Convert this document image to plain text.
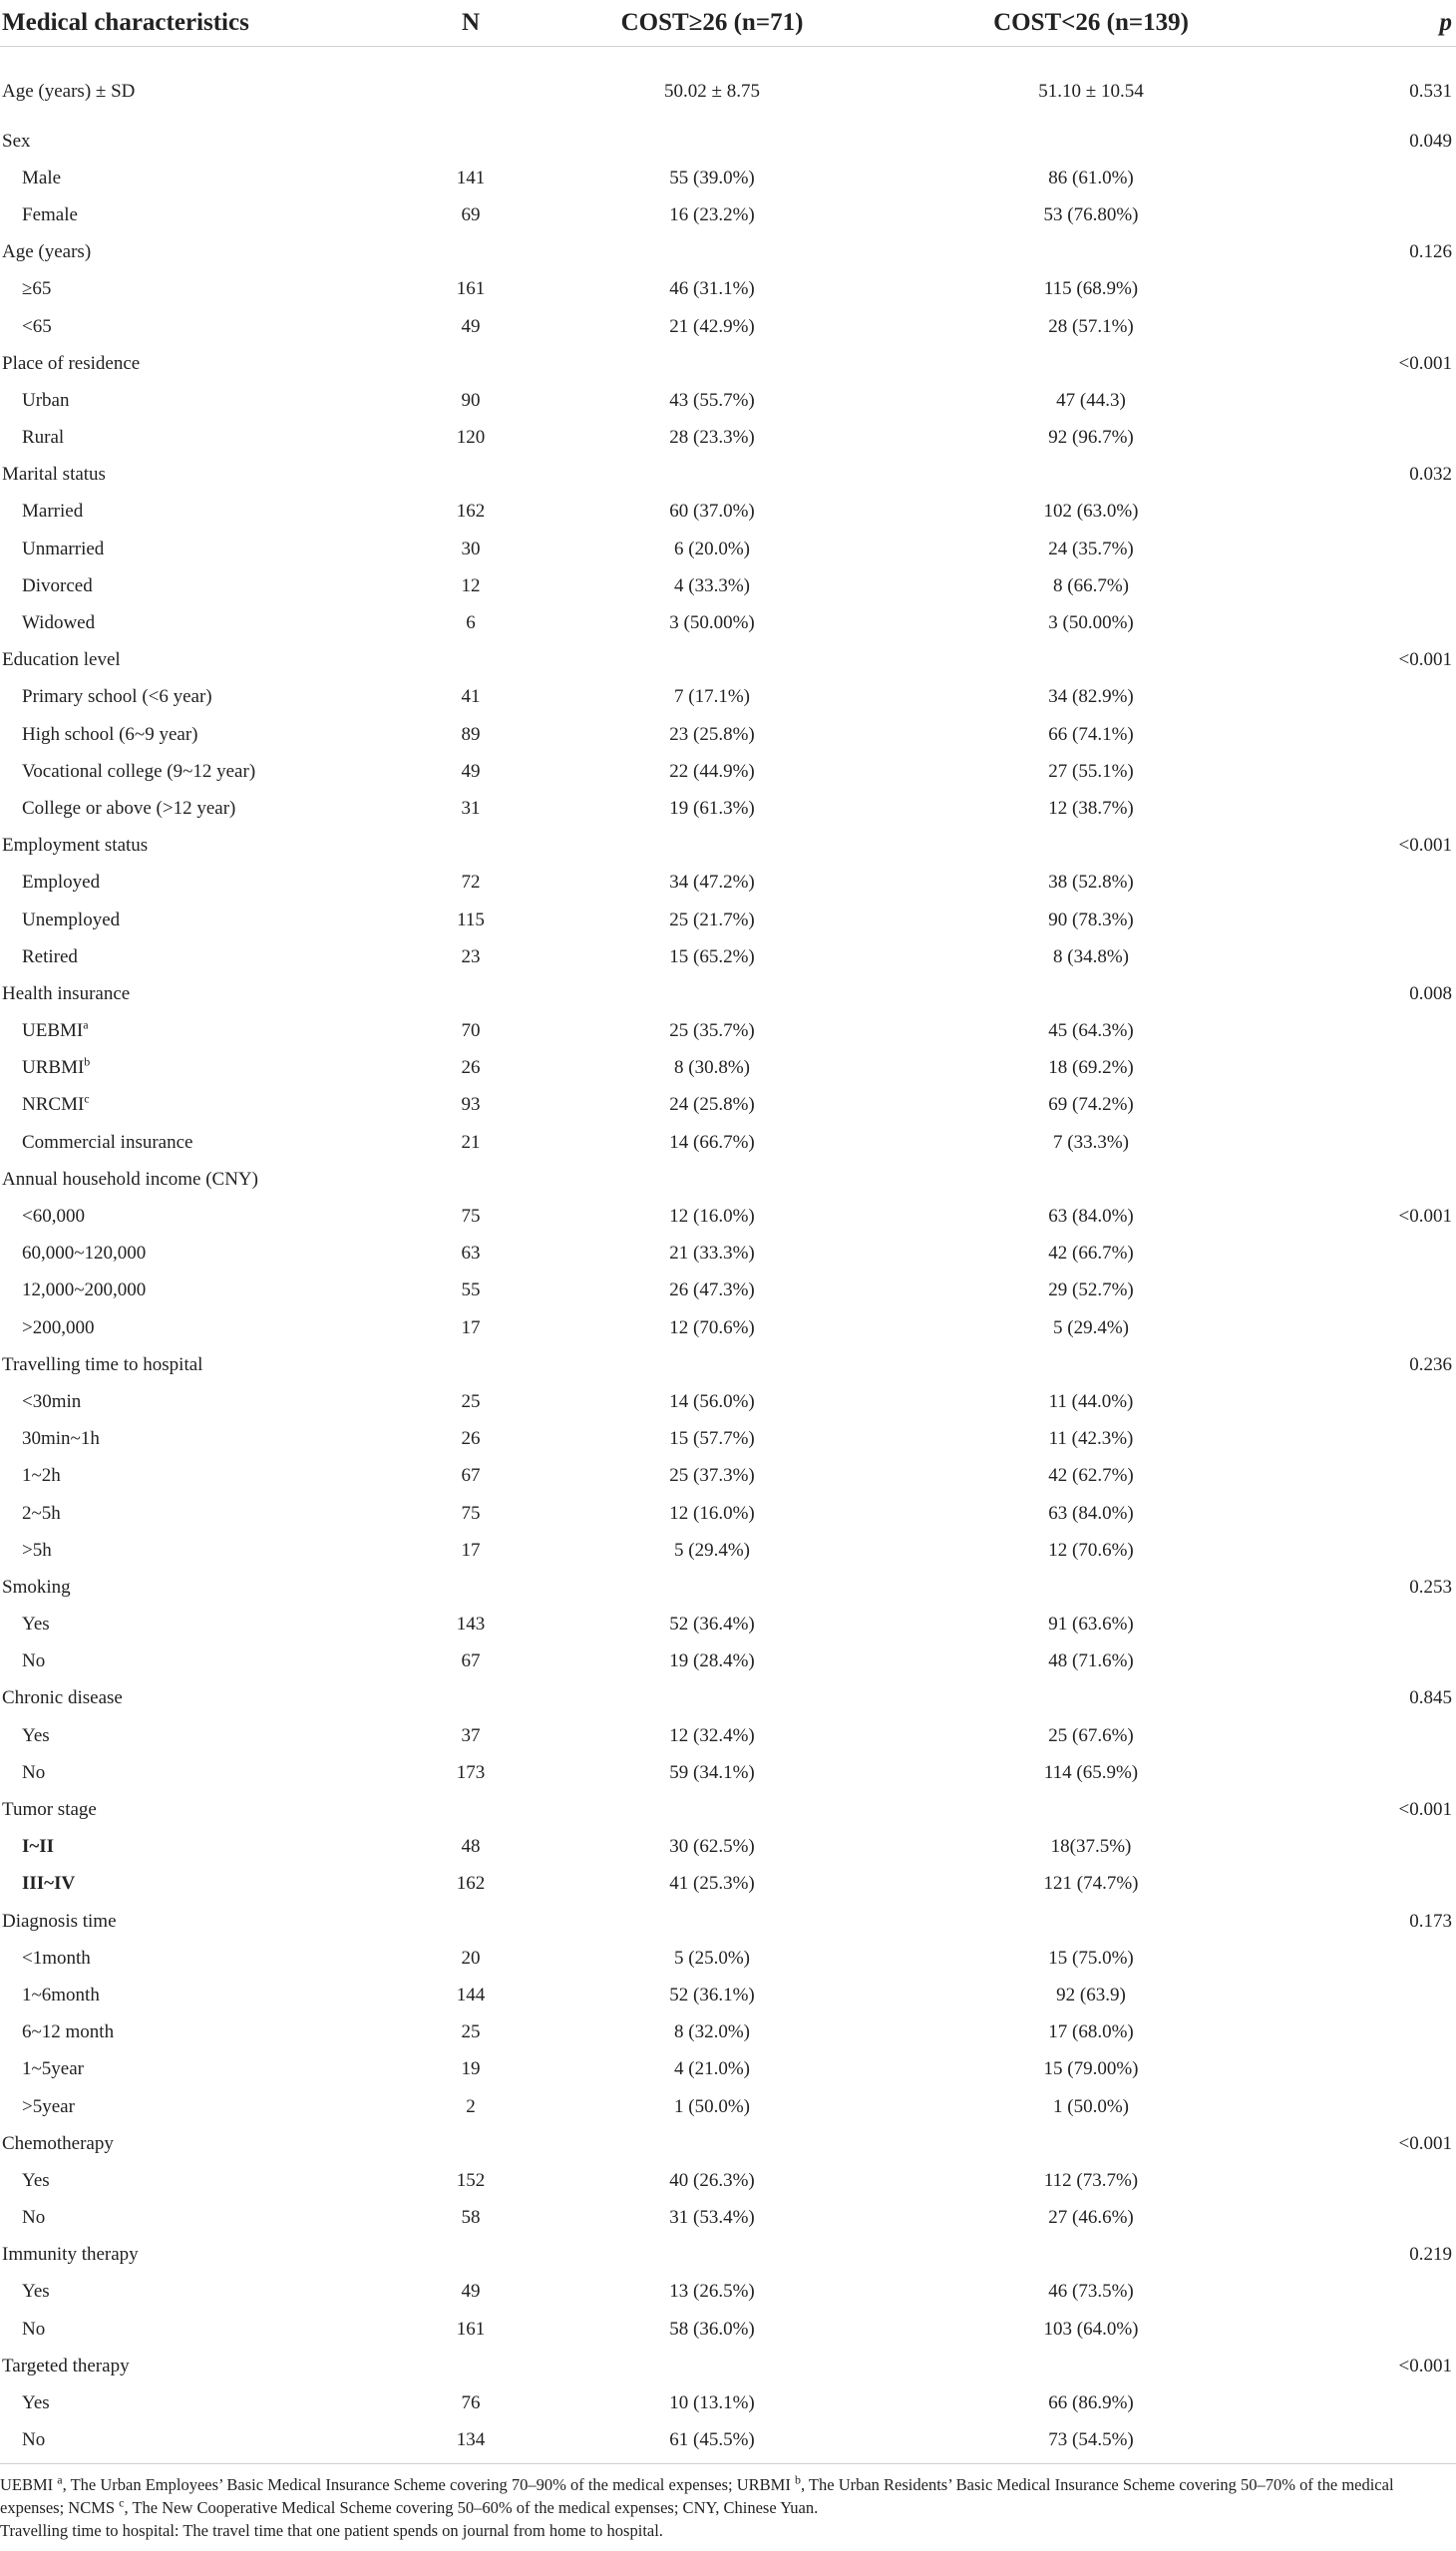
Medical characteristics	N	COST≥26 (n=71)	COST<26 (n=139)	p
Age (years) ± SD		50.02 ± 8.75	51.10 ± 10.54	0.531
Sex				0.049
Male	141	55 (39.0%)	86 (61.0%)	
Female	69	16 (23.2%)	53 (76.80%)	
Age (years)				0.126
≥65	161	46 (31.1%)	115 (68.9%)	
<65	49	21 (42.9%)	28 (57.1%)	
Place of residence				<0.001
Urban	90	43 (55.7%)	47 (44.3)	
Rural	120	28 (23.3%)	92 (96.7%)	
Marital status				0.032
Married	162	60 (37.0%)	102 (63.0%)	
Unmarried	30	6 (20.0%)	24 (35.7%)	
Divorced	12	4 (33.3%)	8 (66.7%)	
Widowed	6	3 (50.00%)	3 (50.00%)	
Education level				<0.001
Primary school (<6 year)	41	7 (17.1%)	34 (82.9%)	
High school (6~9 year)	89	23 (25.8%)	66 (74.1%)	
Vocational college (9~12 year)	49	22 (44.9%)	27 (55.1%)	
College or above (>12 year)	31	19 (61.3%)	12 (38.7%)	
Employment status				<0.001
Employed	72	34 (47.2%)	38 (52.8%)	
Unemployed	115	25 (21.7%)	90 (78.3%)	
Retired	23	15 (65.2%)	8 (34.8%)	
Health insurance				0.008
UEBMI$^a$	70	25 (35.7%)	45 (64.3%)	
URBMI$^b$	26	8 (30.8%)	18 (69.2%)	
NRCMI$^c$	93	24 (25.8%)	69 (74.2%)	
Commercial insurance	21	14 (66.7%)	7 (33.3%)	
Annual household income (CNY)				
<60,000	75	12 (16.0%)	63 (84.0%)	<0.001
60,000~120,000	63	21 (33.3%)	42 (66.7%)	
12,000~200,000	55	26 (47.3%)	29 (52.7%)	
>200,000	17	12 (70.6%)	5 (29.4%)	
Travelling time to hospital				0.236
<30min	25	14 (56.0%)	11 (44.0%)	
30min~1h	26	15 (57.7%)	11 (42.3%)	
1~2h	67	25 (37.3%)	42 (62.7%)	
2~5h	75	12 (16.0%)	63 (84.0%)	
>5h	17	5 (29.4%)	12 (70.6%)	
Smoking				0.253
Yes	143	52 (36.4%)	91 (63.6%)	
No	67	19 (28.4%)	48 (71.6%)	
Chronic disease				0.845
Yes	37	12 (32.4%)	25 (67.6%)	
No	173	59 (34.1%)	114 (65.9%)	
Tumor stage				<0.001
I~II	48	30 (62.5%)	18(37.5%)	
III~IV	162	41 (25.3%)	121 (74.7%)	
Diagnosis time				0.173
<1month	20	5 (25.0%)	15 (75.0%)	
1~6month	144	52 (36.1%)	92 (63.9)	
6~12 month	25	8 (32.0%)	17 (68.0%)	
1~5year	19	4 (21.0%)	15 (79.00%)	
>5year	2	1 (50.0%)	1 (50.0%)	
Chemotherapy				<0.001
Yes	152	40 (26.3%)	112 (73.7%)	
No	58	31 (53.4%)	27 (46.6%)	
Immunity therapy				0.219
Yes	49	13 (26.5%)	46 (73.5%)	
No	161	58 (36.0%)	103 (64.0%)	
Targeted therapy				<0.001
Yes	76	10 (13.1%)	66 (86.9%)	
No	134	61 (45.5%)	73 (54.5%)	

UEBMI $^a$, The Urban Employees’ Basic Medical Insurance Scheme covering 70–90% of the medical expenses; URBMI $^b$, The Urban Residents’ Basic Medical Insurance Scheme covering 50–70% of the medical expenses; NCMS $^c$, The New Cooperative Medical Scheme covering 50–60% of the medical expenses; CNY, Chinese Yuan.

Travelling time to hospital: The travel time that one patient spends on journal from home to hospital.
